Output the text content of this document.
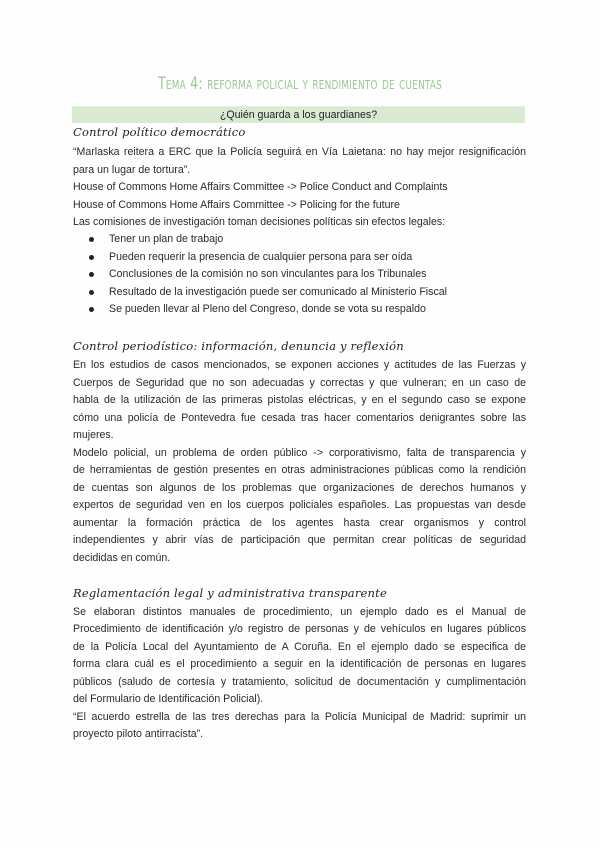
Tema 4: reforma policial y rendimiento de cuentas
¿Quién guarda a los guardianes?
Control político democrático
“Marlaska reitera a ERC que la Policía seguirá en Vía Laietana: no hay mejor resignificación
para un lugar de tortura”.
House of Commons Home Affairs Committee -> Police Conduct and Complaints
House of Commons Home Affairs Committee -> Policing for the future
Las comisiones de investigación toman decisiones políticas sin efectos legales:
Tener un plan de trabajo
Pueden requerir la presencia de cualquier persona para ser oída
Conclusiones de la comisión no son vinculantes para los Tribunales
Resultado de la investigación puede ser comunicado al Ministerio Fiscal
Se pueden llevar al Pleno del Congreso, donde se vota su respaldo
Control periodístico: información, denuncia y reflexión
En los estudios de casos mencionados, se exponen acciones y actitudes de las Fuerzas y
Cuerpos de Seguridad que no son adecuadas y correctas y que vulneran; en un caso de
habla de la utilización de las primeras pistolas eléctricas, y en el segundo caso se expone
cómo una policía de Pontevedra fue cesada tras hacer comentarios denigrantes sobre las
mujeres.
Modelo policial, un problema de orden público -> corporativismo, falta de transparencia y
de herramientas de gestión presentes en otras administraciones públicas como la rendición
de cuentas son algunos de los problemas que organizaciones de derechos humanos y
expertos de seguridad ven en los cuerpos policiales españoles. Las propuestas van desde
aumentar la formación práctica de los agentes hasta crear organismos y control
independientes y abrir vías de participación que permitan crear políticas de seguridad
decididas en común.
Reglamentación legal y administrativa transparente
Se elaboran distintos manuales de procedimiento, un ejemplo dado es el Manual de
Procedimiento de identificación y/o registro de personas y de vehículos en lugares públicos
de la Policía Local del Ayuntamiento de A Coruña. En el ejemplo dado se especifica de
forma clara cuál es el procedimiento a seguir en la identificación de personas en lugares
públicos (saludo de cortesía y tratamiento, solicitud de documentación y cumplimentación
del Formulario de Identificación Policial).
“El acuerdo estrella de las tres derechas para la Policía Municipal de Madrid: suprimir un
proyecto piloto antirracista”.
